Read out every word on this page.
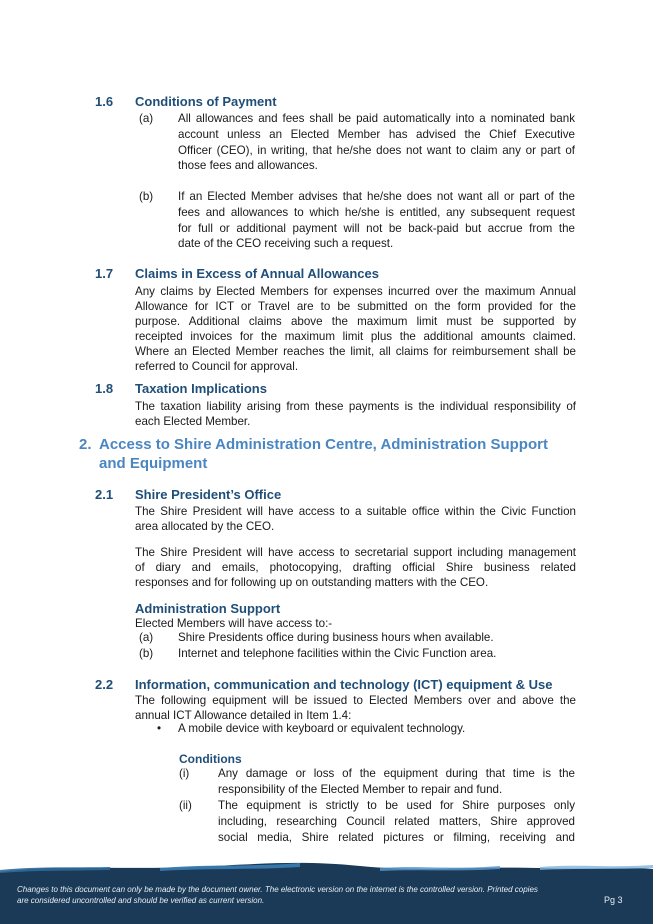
1.6 Conditions of Payment
(a) All allowances and fees shall be paid automatically into a nominated bank
account unless an Elected Member has advised the Chief Executive
Officer (CEO), in writing, that he/she does not want to claim any or part of
those fees and allowances.
(b) If an Elected Member advises that he/she does not want all or part of the
fees and allowances to which he/she is entitled, any subsequent request
for full or additional payment will not be back-paid but accrue from the
date of the CEO receiving such a request.
1.7 Claims in Excess of Annual Allowances
Any claims by Elected Members for expenses incurred over the maximum Annual
Allowance for ICT or Travel are to be submitted on the form provided for the
purpose. Additional claims above the maximum limit must be supported by
receipted invoices for the maximum limit plus the additional amounts claimed.
Where an Elected Member reaches the limit, all claims for reimbursement shall be
referred to Council for approval.
1.8 Taxation Implications
The taxation liability arising from these payments is the individual responsibility of
each Elected Member.
2. Access to Shire Administration Centre, Administration Support and Equipment
2.1 Shire President’s Office
The Shire President will have access to a suitable office within the Civic Function
area allocated by the CEO.
The Shire President will have access to secretarial support including management
of diary and emails, photocopying, drafting official Shire business related
responses and for following up on outstanding matters with the CEO.
Administration Support
Elected Members will have access to:-
(a) Shire Presidents office during business hours when available.
(b) Internet and telephone facilities within the Civic Function area.
2.2 Information, communication and technology (ICT) equipment & Use
The following equipment will be issued to Elected Members over and above the
annual ICT Allowance detailed in Item 1.4:
• A mobile device with keyboard or equivalent technology.
Conditions
(i) Any damage or loss of the equipment during that time is the
responsibility of the Elected Member to repair and fund.
(ii) The equipment is strictly to be used for Shire purposes only
including, researching Council related matters, Shire approved
social media, Shire related pictures or filming, receiving and
Changes to this document can only be made by the document owner. The electronic version on the internet is the controlled version. Printed copies
are considered uncontrolled and should be verified as current version.	Pg 3
